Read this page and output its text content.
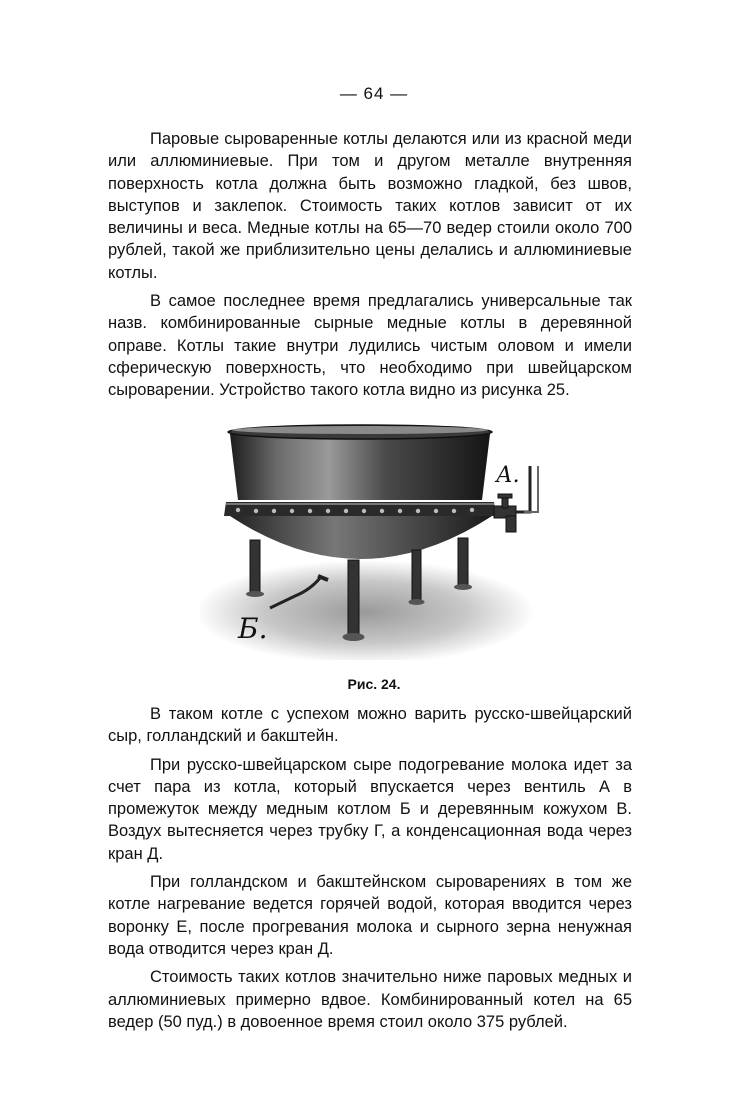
— 64 —

Паровые сыроваренные котлы делаются или из красной меди или аллюминиевые. При том и другом металле внутренняя поверхность котла должна быть возможно гладкой, без швов, выступов и заклепок. Стоимость таких котлов зависит от их величины и веса. Медные котлы на 65—70 ведер стоили около 700 рублей, такой же приблизительно цены делались и аллюминиевые котлы.

В самое последнее время предлагались универсальные так назв. комбинированные сырные медные котлы в деревянной оправе. Котлы такие внутри лудились чистым оловом и имели сферическую поверхность, что необходимо при швейцарском сыроварении. Устройство такого котла видно из рисунка 25.

А.
Б.
Рис. 24.

В таком котле с успехом можно варить русско-швейцарский сыр, голландский и бакштейн.

При русско-швейцарском сыре подогревание молока идет за счет пара из котла, который впускается через вентиль А в промежуток между медным котлом Б и деревянным кожухом В. Воздух вытесняется через трубку Г, а конденсационная вода через кран Д.

При голландском и бакштейнском сыроварениях в том же котле нагревание ведется горячей водой, которая вводится через воронку Е, после прогревания молока и сырного зерна ненужная вода отводится через кран Д.

Стоимость таких котлов значительно ниже паровых медных и аллюминиевых примерно вдвое. Комбинированный котел на 65 ведер (50 пуд.) в довоенное время стоил около 375 рублей.
